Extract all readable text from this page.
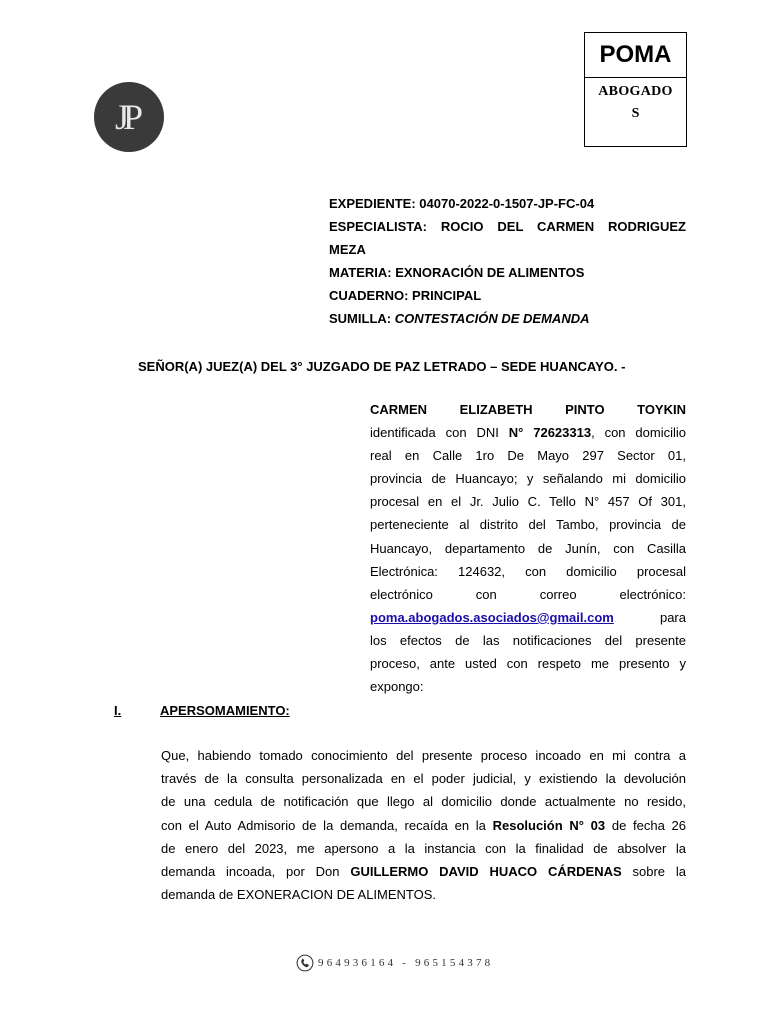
JP
POMA
ABOGADO
S
EXPEDIENTE: 04070-2022-0-1507-JP-FC-04
ESPECIALISTA: ROCIO DEL CARMEN RODRIGUEZ
MEZA
MATERIA: EXNORACIÓN DE ALIMENTOS
CUADERNO: PRINCIPAL
SUMILLA: CONTESTACIÓN DE DEMANDA
SEÑOR(A) JUEZ(A) DEL 3° JUZGADO DE PAZ LETRADO – SEDE HUANCAYO. -
CARMEN ELIZABETH PINTO TOYKIN
identificada con DNI N° 72623313, con domicilio
real en Calle 1ro De Mayo 297 Sector 01,
provincia de Huancayo; y señalando mi domicilio
procesal en el Jr. Julio C. Tello N° 457 Of 301,
perteneciente al distrito del Tambo, provincia de
Huancayo, departamento de Junín, con Casilla
Electrónica: 124632, con domicilio procesal
electrónico con correo electrónico:
poma.abogados.asociados@gmail.com	para
los efectos de las notificaciones del presente
proceso, ante usted con respeto me presento y
expongo:
I.	APERSOMAMIENTO:
Que, habiendo tomado conocimiento del presente proceso incoado en mi contra a
través de la consulta personalizada en el poder judicial, y existiendo la devolución
de una cedula de notificación que llego al domicilio donde actualmente no resido,
con el Auto Admisorio de la demanda, recaída en la Resolución N° 03 de fecha 26
de enero del 2023, me apersono a la instancia con la finalidad de absolver la
demanda incoada, por Don GUILLERMO DAVID HUACO CÁRDENAS sobre la
demanda de EXONERACION DE ALIMENTOS.
964936164 - 965154378
